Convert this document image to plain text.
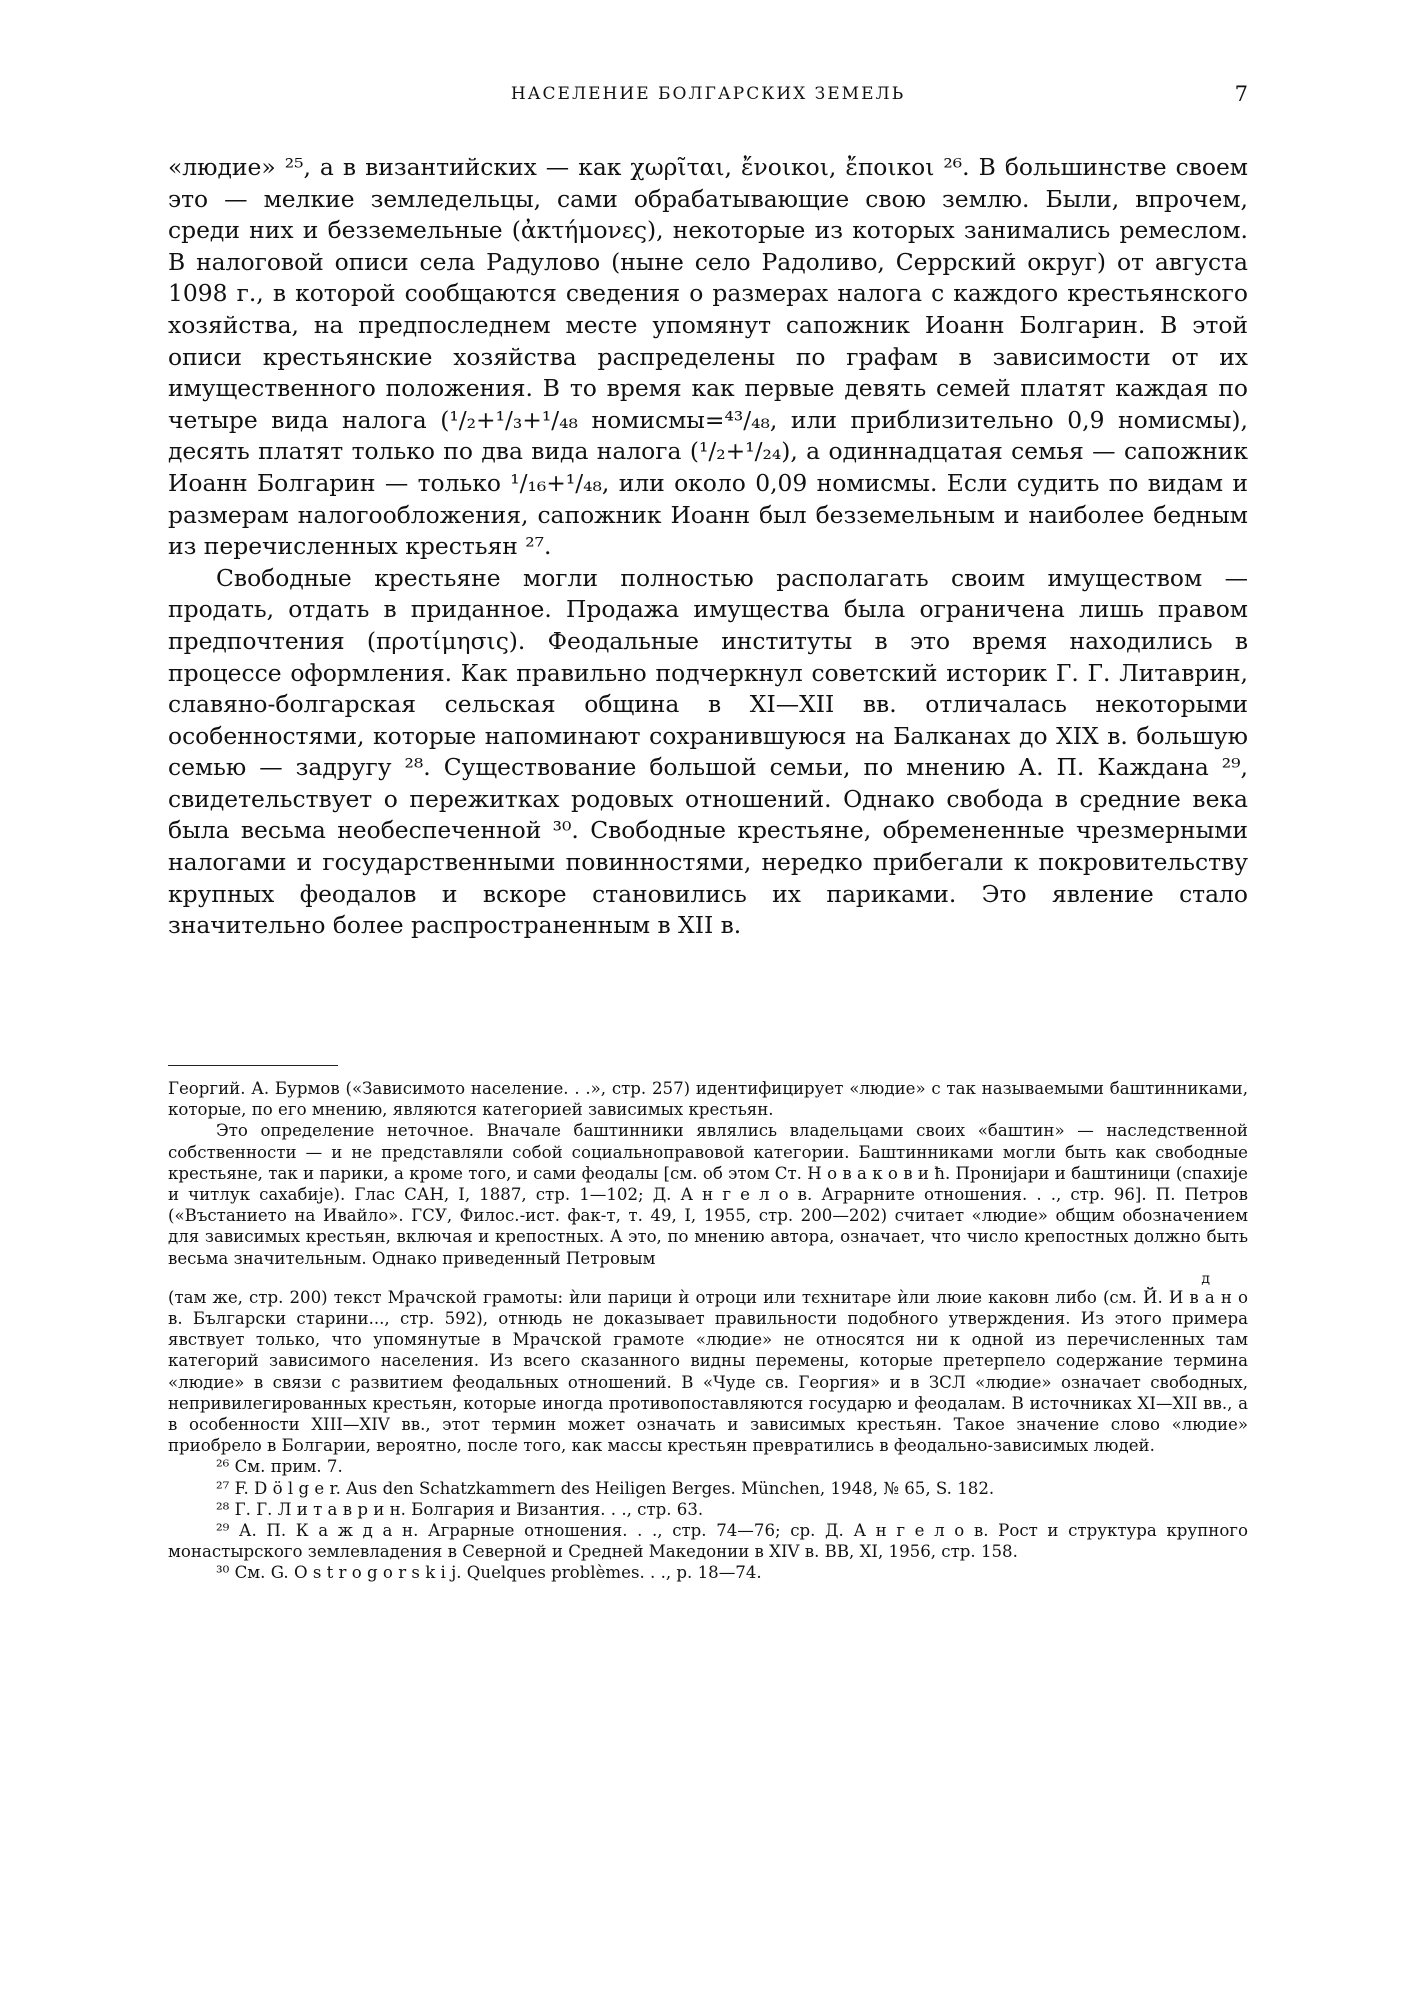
НАСЕЛЕНИЕ БОЛГАРСКИХ ЗЕМЕЛЬ	7

«людие» ²⁵, а в византийских — как χωρῖται, ἔνοικοι, ἔποικοι ²⁶. В большинстве своем это — мелкие земледельцы, сами обрабатывающие свою землю. Были, впрочем, среди них и безземельные (ἀκτήμονες), некоторые из которых занимались ремеслом. В налоговой описи села Радулово (ныне село Радоливо, Серрский округ) от августа 1098 г., в которой сообщаются сведения о размерах налога с каждого крестьянского хозяйства, на предпоследнем месте упомянут сапожник Иоанн Болгарин. В этой описи крестьянские хозяйства распределены по графам в зависимости от их имущественного положения. В то время как первые девять семей платят каждая по четыре вида налога (¹/₂+¹/₃+¹/₄₈ номисмы=⁴³/₄₈, или приблизительно 0,9 номисмы), десять платят только по два вида налога (¹/₂+¹/₂₄), а одиннадцатая семья — сапожник Иоанн Болгарин — только ¹/₁₆+¹/₄₈, или около 0,09 номисмы. Если судить по видам и размерам налогообложения, сапожник Иоанн был безземельным и наиболее бедным из перечисленных крестьян ²⁷.

Свободные крестьяне могли полностью располагать своим имуществом — продать, отдать в приданное. Продажа имущества была ограничена лишь правом предпочтения (προτίμησις). Феодальные институты в это время находились в процессе оформления. Как правильно подчеркнул советский историк Г. Г. Литаврин, славяно-болгарская сельская община в XI—XII вв. отличалась некоторыми особенностями, которые напоминают сохранившуюся на Балканах до XIX в. большую семью — задругу ²⁸. Существование большой семьи, по мнению А. П. Каждана ²⁹, свидетельствует о пережитках родовых отношений. Однако свобода в средние века была весьма необеспеченной ³⁰. Свободные крестьяне, обремененные чрезмерными налогами и государственными повинностями, нередко прибегали к покровительству крупных феодалов и вскоре становились их париками. Это явление стало значительно более распространенным в XII в.

Георгий. А. Бурмов («Зависимото население. . .», стр. 257) идентифицирует «людие» с так называемыми баштинниками, которые, по его мнению, являются категорией зависимых крестьян.

Это определение неточное. Вначале баштинники являлись владельцами своих «баштин» — наследственной собственности — и не представляли собой социальноправовой категории. Баштинниками могли быть как свободные крестьяне, так и парики, а кроме того, и сами феодалы [см. об этом Ст. Н о в а к о в и ħ. Пронијари и баштиници (спахије и читлук сахабије). Глас САН, I, 1887, стр. 1—102; Д. А н г е л о в. Аграрните отношения. . ., стр. 96]. П. Петров («Въстанието на Ивайло». ГСУ, Филос.-ист. фак-т, т. 49, I, 1955, стр. 200—202) считает «людие» общим обозначением для зависимых крестьян, включая и крепостных. А это, по мнению автора, означает, что число крепостных должно быть весьма значительным. Однако приведенный Петровым

д

(там же, стр. 200) текст Мрачской грамоты: ѝли парици ѝ отроци или тєхнитаре ѝли люие каковн либо (см. Й. И в а н о в. Български старини..., стр. 592), отнюдь не доказывает правильности подобного утверждения. Из этого примера явствует только, что упомянутые в Мрачской грамоте «людие» не относятся ни к одной из перечисленных там категорий зависимого населения. Из всего сказанного видны перемены, которые претерпело содержание термина «людие» в связи с развитием феодальных отношений. В «Чуде св. Георгия» и в ЗСЛ «людие» означает свободных, непривилегированных крестьян, которые иногда противопоставляются государю и феодалам. В источниках XI—XII вв., а в особенности XIII—XIV вв., этот термин может означать и зависимых крестьян. Такое значение слово «людие» приобрело в Болгарии, вероятно, после того, как массы крестьян превратились в феодально-зависимых людей.

²⁶ См. прим. 7.

²⁷ F. D ö l g e r. Aus den Schatzkammern des Heiligen Berges. München, 1948, № 65, S. 182.

²⁸ Г. Г. Л и т а в р и н. Болгария и Византия. . ., стр. 63.

²⁹ А. П. К а ж д а н. Аграрные отношения. . ., стр. 74—76; ср. Д. А н г е л о в. Рост и структура крупного монастырского землевладения в Северной и Средней Македонии в XIV в. ВВ, XI, 1956, стр. 158.

³⁰ См. G. O s t r o g o r s k i j. Quelques problèmes. . ., p. 18—74.
